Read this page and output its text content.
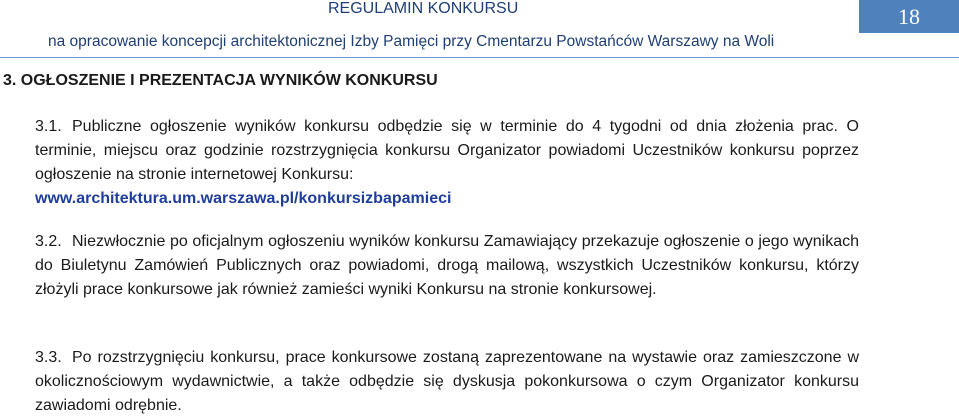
REGULAMIN KONKURSU
na opracowanie koncepcji architektonicznej Izby Pamięci przy Cmentarzu Powstańców Warszawy na Woli
18
3. OGŁOSZENIE I PREZENTACJA WYNIKÓW KONKURSU
3.1. Publiczne ogłoszenie wyników konkursu odbędzie się w terminie do 4 tygodni od dnia złożenia prac. O terminie, miejscu oraz godzinie rozstrzygnięcia konkursu Organizator powiadomi Uczestników konkursu poprzez ogłoszenie na stronie internetowej Konkursu:
www.architektura.um.warszawa.pl/konkursizbapamieci
3.2. Niezwłocznie po oficjalnym ogłoszeniu wyników konkursu Zamawiający przekazuje ogłoszenie o jego wynikach do Biuletynu Zamówień Publicznych oraz powiadomi, drogą mailową, wszystkich Uczestników konkursu, którzy złożyli prace konkursowe jak również zamieści wyniki Konkursu na stronie konkursowej.
3.3. Po rozstrzygnięciu konkursu, prace konkursowe zostaną zaprezentowane na wystawie oraz zamieszczone w okolicznościowym wydawnictwie, a także odbędzie się dyskusja pokonkursowa o czym Organizator konkursu zawiadomi odrębnie.
